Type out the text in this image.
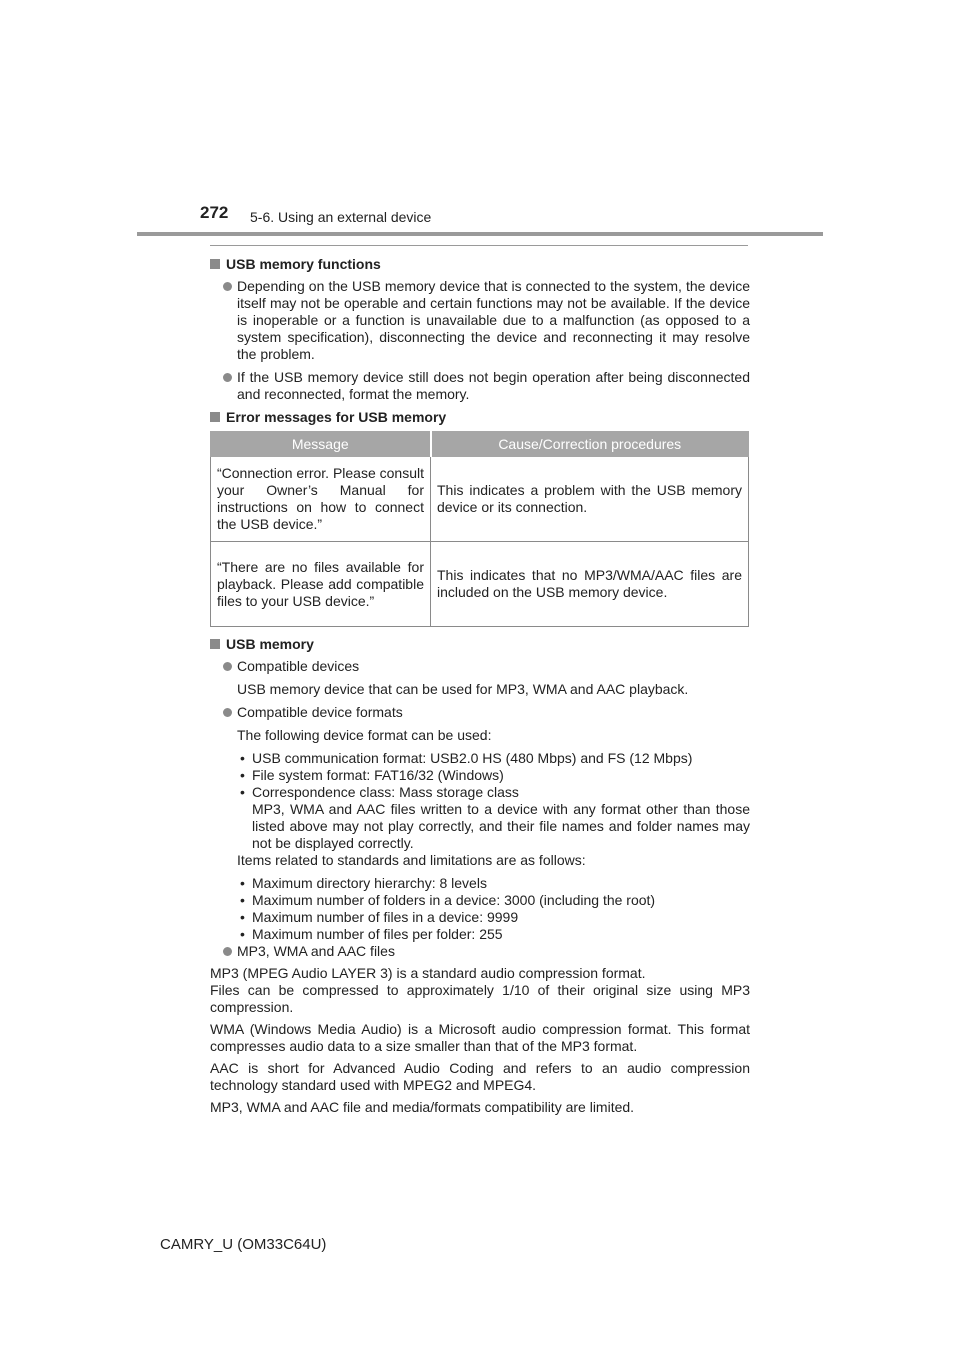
272 5-6. Using an external device
USB memory functions
Depending on the USB memory device that is connected to the system, the device itself may not be operable and certain functions may not be available. If the device is inoperable or a function is unavailable due to a malfunction (as opposed to a system specification), disconnecting the device and reconnecting it may resolve the problem.
If the USB memory device still does not begin operation after being disconnected and reconnected, format the memory.
Error messages for USB memory
Message	Cause/Correction procedures
“Connection error. Please consult your Owner’s Manual for instructions on how to connect the USB device.”	This indicates a problem with the USB memory device or its connection.
“There are no files available for playback. Please add compatible files to your USB device.”	This indicates that no MP3/WMA/AAC files are included on the USB memory device.
USB memory
Compatible devices
USB memory device that can be used for MP3, WMA and AAC playback.
Compatible device formats
The following device format can be used:
• USB communication format: USB2.0 HS (480 Mbps) and FS (12 Mbps)
• File system format: FAT16/32 (Windows)
• Correspondence class: Mass storage class
MP3, WMA and AAC files written to a device with any format other than those listed above may not play correctly, and their file names and folder names may not be displayed correctly.
Items related to standards and limitations are as follows:
• Maximum directory hierarchy: 8 levels
• Maximum number of folders in a device: 3000 (including the root)
• Maximum number of files in a device: 9999
• Maximum number of files per folder: 255
MP3, WMA and AAC files

MP3 (MPEG Audio LAYER 3) is a standard audio compression format.

Files can be compressed to approximately 1/10 of their original size using MP3 compression.

WMA (Windows Media Audio) is a Microsoft audio compression format. This format compresses audio data to a size smaller than that of the MP3 format.

AAC is short for Advanced Audio Coding and refers to an audio compression technology standard used with MPEG2 and MPEG4.

MP3, WMA and AAC file and media/formats compatibility are limited.

CAMRY_U (OM33C64U)
